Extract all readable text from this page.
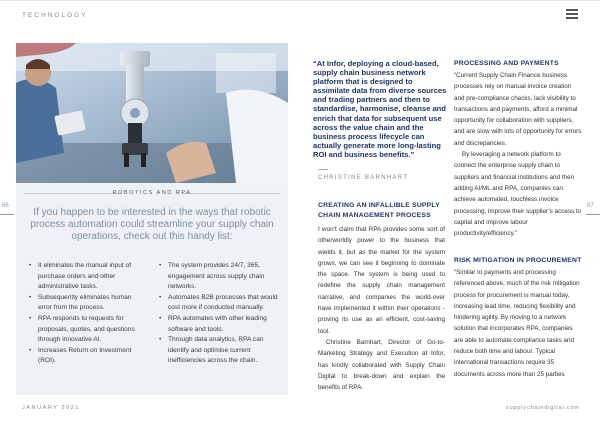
TECHNOLOGY
66	67
ROBOTICS AND RPA
If you happen to be interested in the ways that robotic process automation could streamline your supply chain operations, check out this handy list:
• It eliminates the manual input of purchase orders and other administrative tasks.
• Subsequently eliminates human error from the process.
• RPA responds to requests for proposals, quotes, and questions through innovative AI.
• Increases Return on Investment (ROI).
• The system provides 24/7, 365, engagement across supply chain networks.
• Automates B2B processes that would cost more if conducted manually.
• RPA automates with other leading software and tools.
• Through data analytics, RPA can identify and optimise current inefficiencies across the chain.
“At Infor, deploying a cloud-based, supply chain business network platform that is designed to assimilate data from diverse sources and trading partners and then to standardise, harmonise, cleanse and enrich that data for subsequent use across the value chain and the business process lifecycle can actually generate more long-lasting ROI and business benefits.”
CHRISTINE BARNHART
CREATING AN INFALLIBLE SUPPLY CHAIN MANAGEMENT PROCESS

I won’t claim that RPA provides some sort of otherworldly power to the business that wields it, but as the market for the system grows, we can see it beginning to dominate the space. The system is being used to redefine the supply chain management narrative, and companies the world-over have implemented it within their operations - proving its use as an efficient, cost-saving tool.

Christine Barnhart, Director of Go-to-Marketing Strategy and Execution at Infor, has kindly collaborated with Supply Chain Digital to break-down and explain the benefits of RPA.

PROCESSING AND PAYMENTS

“Current Supply Chain Finance business processes rely on manual invoice creation and pre-compliance checks, lack visibility to transactions and payments, afford a minimal opportunity for collaboration with suppliers, and are slow with lots of opportunity for errors and discrepancies.

By leveraging a network platform to connect the enterprise supply chain to suppliers and financial institutions and then adding AI/ML and RPA, companies can achieve automated, touchless invoice processing, improve their supplier’s access to capital and improve labour productivity/efficiency.”

RISK MITIGATION IN PROCUREMENT

“Similar to payments and processing referenced above, much of the risk mitigation process for procurement is manual today, increasing lead time, reducing flexibility and hindering agility. By moving to a network solution that incorporates RPA, companies are able to automate compliance tasks and reduce both time and labour. Typical international transactions require 35 documents across more than 25 parties

JANUARY 2021	supplychaindigital.com
